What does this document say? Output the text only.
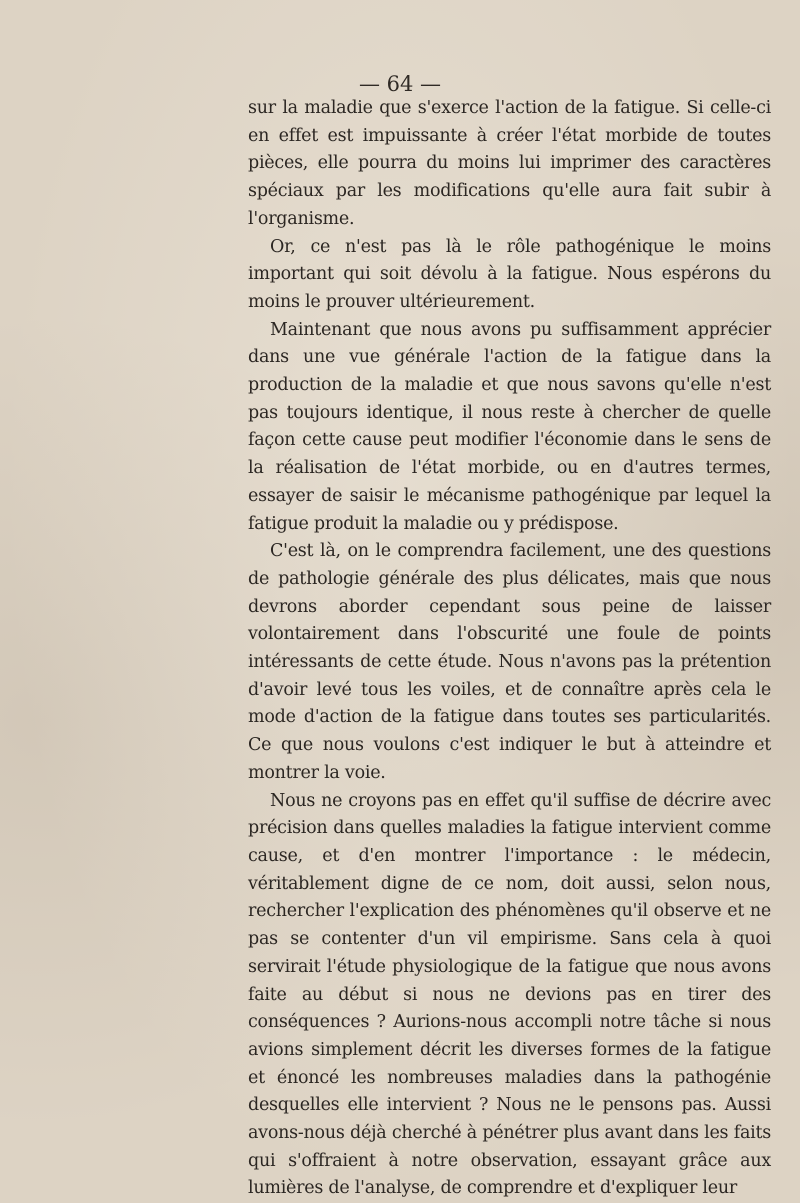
— 64 —

sur la maladie que s'exerce l'action de la fatigue. Si celle-ci en effet est impuissante à créer l'état morbide de toutes pièces, elle pourra du moins lui imprimer des caractères spéciaux par les modifications qu'elle aura fait subir à l'organisme.

Or, ce n'est pas là le rôle pathogénique le moins important qui soit dévolu à la fatigue. Nous espérons du moins le prouver ultérieurement.

Maintenant que nous avons pu suffisamment apprécier dans une vue générale l'action de la fatigue dans la production de la maladie et que nous savons qu'elle n'est pas toujours identique, il nous reste à chercher de quelle façon cette cause peut modifier l'économie dans le sens de la réalisation de l'état morbide, ou en d'autres termes, essayer de saisir le mécanisme pathogénique par lequel la fatigue produit la maladie ou y prédispose.

C'est là, on le comprendra facilement, une des questions de pathologie générale des plus délicates, mais que nous devrons aborder cependant sous peine de laisser volontairement dans l'obscurité une foule de points intéressants de cette étude. Nous n'avons pas la prétention d'avoir levé tous les voiles, et de connaître après cela le mode d'action de la fatigue dans toutes ses particularités. Ce que nous voulons c'est indiquer le but à atteindre et montrer la voie.

Nous ne croyons pas en effet qu'il suffise de décrire avec précision dans quelles maladies la fatigue intervient comme cause, et d'en montrer l'importance : le médecin, véritablement digne de ce nom, doit aussi, selon nous, rechercher l'explication des phénomènes qu'il observe et ne pas se contenter d'un vil empirisme. Sans cela à quoi servirait l'étude physiologique de la fatigue que nous avons faite au début si nous ne devions pas en tirer des conséquences ? Aurions-nous accompli notre tâche si nous avions simplement décrit les diverses formes de la fatigue et énoncé les nombreuses maladies dans la pathogénie desquelles elle intervient ? Nous ne le pensons pas. Aussi avons-nous déjà cherché à pénétrer plus avant dans les faits qui s'offraient à notre observation, essayant grâce aux lumières de l'analyse, de comprendre et d'expliquer leur
